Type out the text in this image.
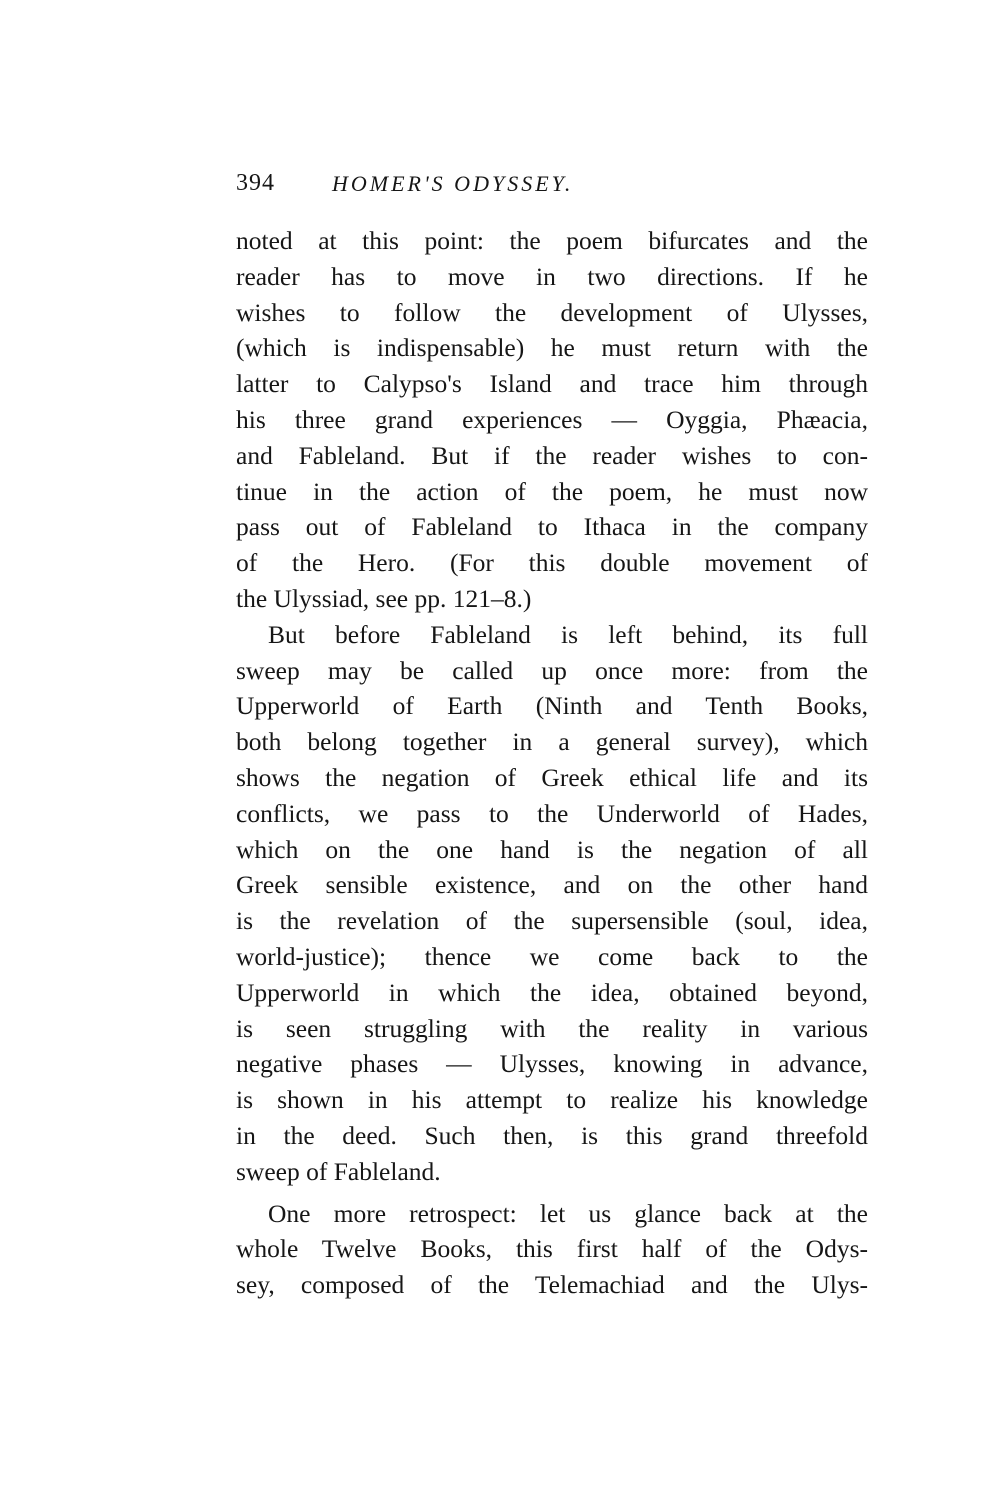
394	HOMER'S ODYSSEY.
noted at this point: the poem bifurcates and the
reader has to move in two directions. If he
wishes to follow the development of Ulysses,
(which is indispensable) he must return with the
latter to Calypso's Island and trace him through
his three grand experiences — Oyggia, Phæacia,
and Fableland. But if the reader wishes to con-
tinue in the action of the poem, he must now
pass out of Fableland to Ithaca in the company
of the Hero. (For this double movement of
the Ulyssiad, see pp. 121–8.)
But before Fableland is left behind, its full
sweep may be called up once more: from the
Upperworld of Earth (Ninth and Tenth Books,
both belong together in a general survey), which
shows the negation of Greek ethical life and its
conflicts, we pass to the Underworld of Hades,
which on the one hand is the negation of all
Greek sensible existence, and on the other hand
is the revelation of the supersensible (soul, idea,
world-justice); thence we come back to the
Upperworld in which the idea, obtained beyond,
is seen struggling with the reality in various
negative phases — Ulysses, knowing in advance,
is shown in his attempt to realize his knowledge
in the deed. Such then, is this grand threefold
sweep of Fableland.
One more retrospect: let us glance back at the
whole Twelve Books, this first half of the Odys-
sey, composed of the Telemachiad and the Ulys-
